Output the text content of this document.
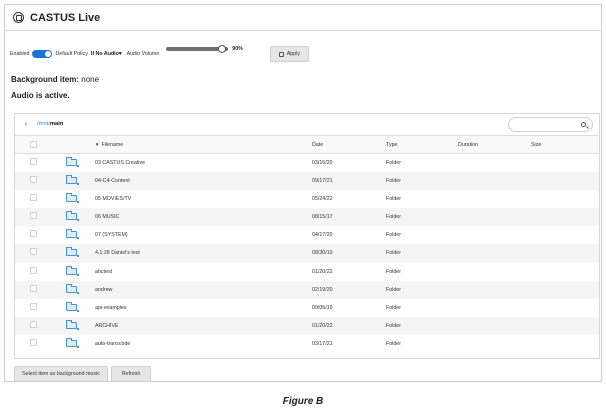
CASTUS Live
Enabled	Default Policy If No Audio▾ Audio Volume
90%
Apply
Background item: none
Audio is active.
‹	/mnt/main
▼ Filename	Date	Type	Duration	Size
03 CASTUS Creative	03/16/20	Folder
04-C4-Content	09/17/21	Folder
05 MOVIES/TV	05/24/22	Folder
06 MUSIC	08/15/17	Folder
07 (SYSTEM)	04/17/20	Folder
4.1.28 Daniel's test	08/30/19	Folder
ahctest	01/20/22	Folder
andrew	02/19/20	Folder
api-examples	09/05/19	Folder
ARCHIVE	01/20/22	Folder
auto-transcode	03/17/21	Folder
Select item as background music	Refresh
Figure B
